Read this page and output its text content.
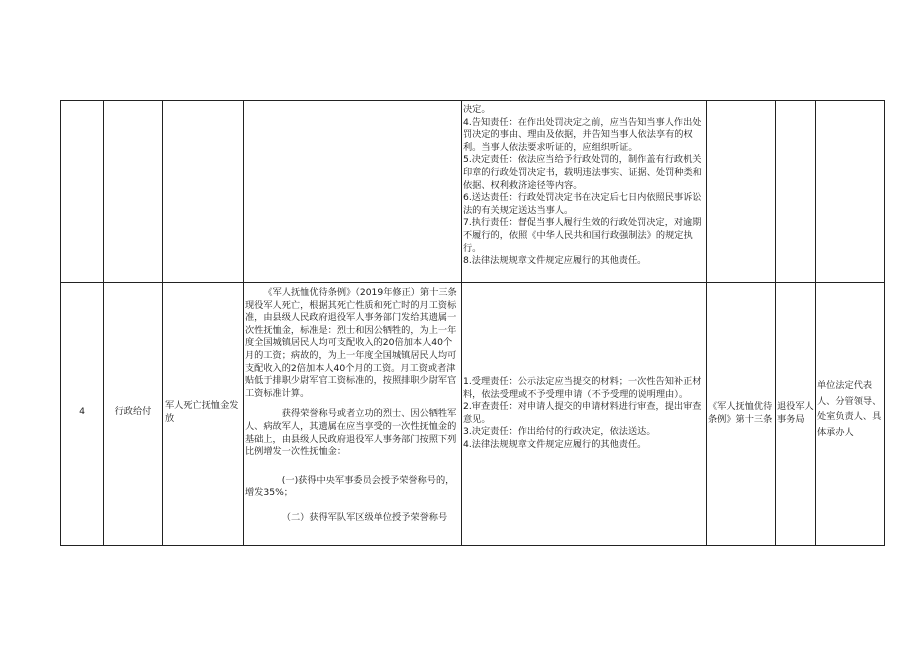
决定。

4.告知责任：在作出处罚决定之前，应当告知当事人作出处罚决定的事由、理由及依据，并告知当事人依法享有的权利。当事人依法要求听证的，应组织听证。

5.决定责任：依法应当给予行政处罚的，制作盖有行政机关印章的行政处罚决定书，载明违法事实、证据、处罚种类和依据、权利救济途径等内容。

6.送达责任：行政处罚决定书在决定后七日内依照民事诉讼法的有关规定送达当事人。

7.执行责任：督促当事人履行生效的行政处罚决定，对逾期不履行的，依照《中华人民共和国行政强制法》的规定执行。

8.法律法规规章文件规定应履行的其他责任。

4	行政给付

军人死亡抚恤金发放

《军人抚恤优待条例》（2019年修正）第十三条现役军人死亡，根据其死亡性质和死亡时的月工资标准，由县级人民政府退役军人事务部门发给其遗属一次性抚恤金，标准是：烈士和因公牺牲的，为上一年度全国城镇居民人均可支配收入的20倍加本人40个月的工资；病故的，为上一年度全国城镇居民人均可支配收入的2倍加本人40个月的工资。月工资或者津贴低于排职少尉军官工资标准的，按照排职少尉军官工资标准计算。

获得荣誉称号或者立功的烈士、因公牺牲军人、病故军人，其遗属在应当享受的一次性抚恤金的基础上，由县级人民政府退役军人事务部门按照下列比例增发一次性抚恤金：

(一)获得中央军事委员会授予荣誉称号的，增发35%；

（二）获得军队军区级单位授予荣誉称号

1.受理责任：公示法定应当提交的材料；一次性告知补正材料，依法受理或不予受理申请（不予受理的说明理由）。

2.审查责任：对申请人提交的申请材料进行审查，提出审查意见。

3.决定责任：作出给付的行政决定，依法送达。

4.法律法规规章文件规定应履行的其他责任。

《军人抚恤优待条例》第十三条

退役军人事务局

单位法定代表人、分管领导、处室负责人、具体承办人
